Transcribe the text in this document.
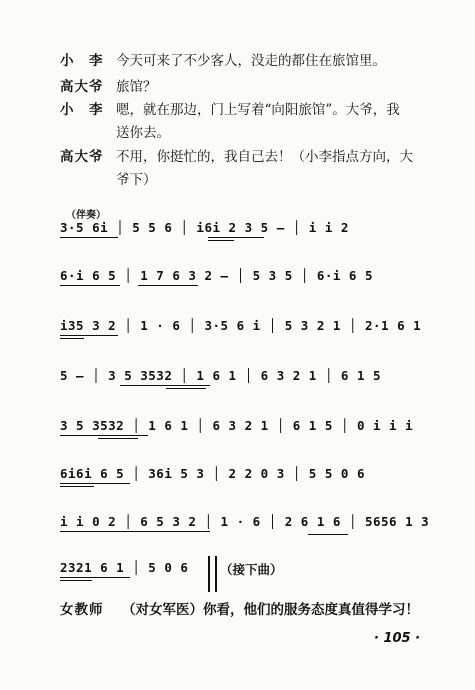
小　李 今天可来了不少客人，没走的都住在旅馆里。
高大爷 旅馆？
小　李 嗯，就在那边，门上写着“向阳旅馆”。大爷，我
送你去。
高大爷 不用，你挺忙的，我自己去！（小李指点方向，大
爷下）
（伴奏）
3·5 6i │ 5 5 6 │ i6i 2 3 5 — │ i i 2
6·i 6 5 │ 1 7 6 3 2 — │ 5 3 5 │ 6·i 6 5
i35 3 2 │ 1 · 6 │ 3·5 6 i │ 5 3 2 1 │ 2·1 6 1
5 — │ 3 5 3532 │ 1 6 1 │ 6 3 2 1 │ 6 1 5
3 5 3532 │ 1 6 1 │ 6 3 2 1 │ 6 1 5 │ 0 i i i
6i6i 6 5 │ 36i 5 3 │ 2 2 0 3 │ 5 5 0 6
i i 0 2 │ 6 5 3 2 │ 1 · 6 │ 2 6 1 6 │ 5656 1 3
2321 6 1 │ 5 0 6	（接下曲）
女教师 （对女军医）你看，他们的服务态度真值得学习！
· 105 ·
